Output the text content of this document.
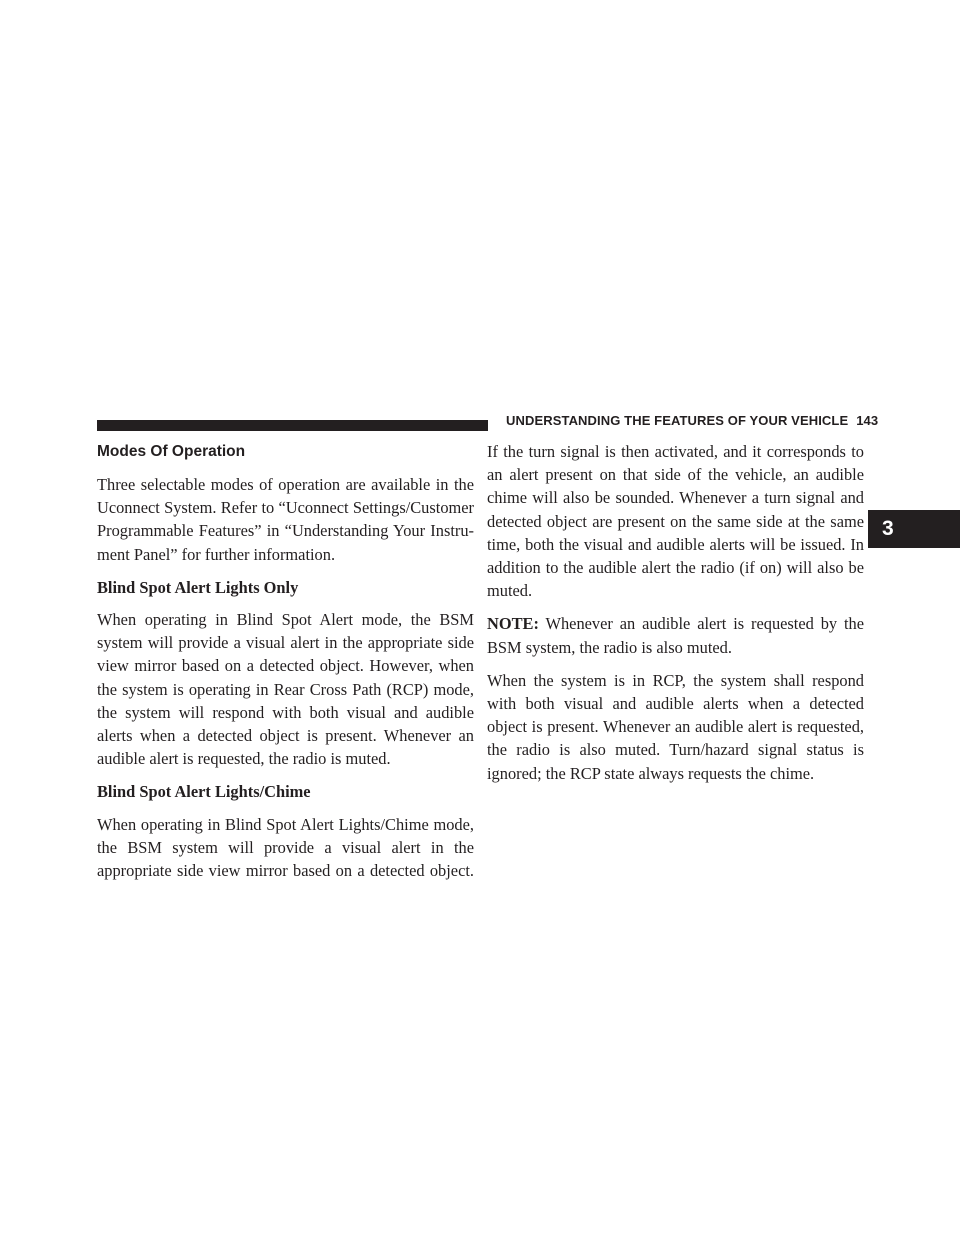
UNDERSTANDING THE FEATURES OF YOUR VEHICLE 143
3
Modes Of Operation

Three selectable modes of operation are available in the Uconnect System. Refer to “Uconnect Settings/Customer Programmable Features” in “Understanding Your Instru-ment Panel” for further information.

Blind Spot Alert Lights Only

When operating in Blind Spot Alert mode, the BSM system will provide a visual alert in the appropriate side view mirror based on a detected object. However, when the system is operating in Rear Cross Path (RCP) mode, the system will respond with both visual and audible alerts when a detected object is present. Whenever an audible alert is requested, the radio is muted.

Blind Spot Alert Lights/Chime

When operating in Blind Spot Alert Lights/Chime mode, the BSM system will provide a visual alert in the appropriate side view mirror based on a detected object.

If the turn signal is then activated, and it corresponds to an alert present on that side of the vehicle, an audible chime will also be sounded. Whenever a turn signal and detected object are present on the same side at the same time, both the visual and audible alerts will be issued. In addition to the audible alert the radio (if on) will also be muted.

NOTE: Whenever an audible alert is requested by the BSM system, the radio is also muted.

When the system is in RCP, the system shall respond with both visual and audible alerts when a detected object is present. Whenever an audible alert is requested, the radio is also muted. Turn/hazard signal status is ignored; the RCP state always requests the chime.
